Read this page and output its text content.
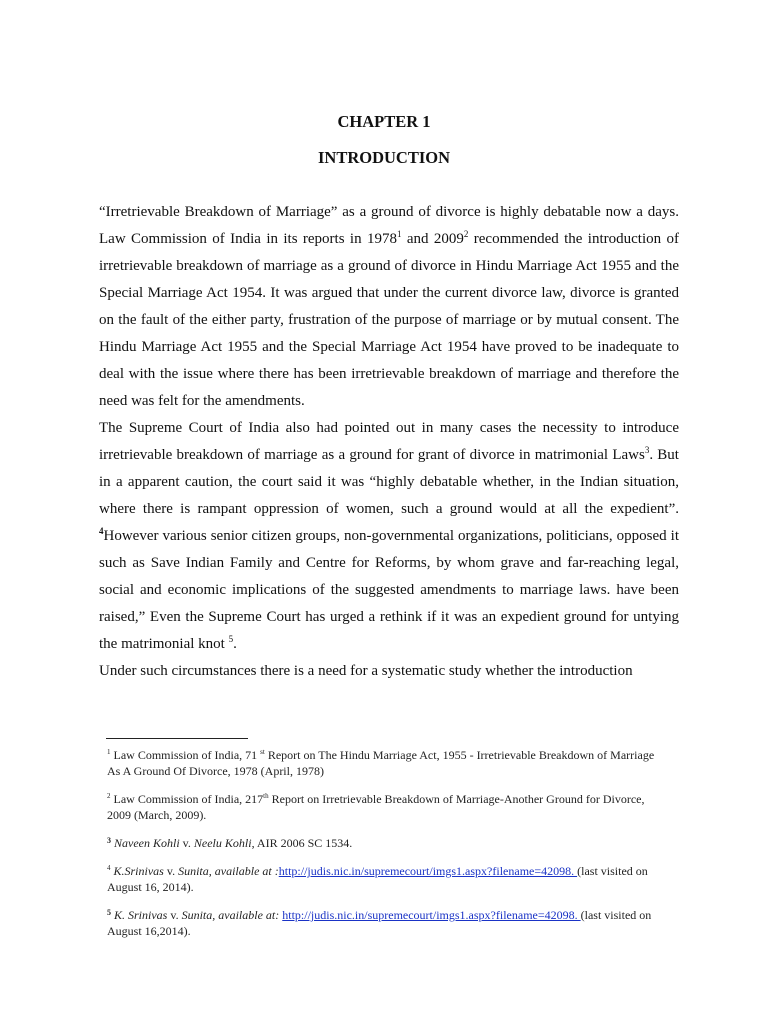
CHAPTER 1
INTRODUCTION

“Irretrievable Breakdown of Marriage” as a ground of divorce is highly debatable now a days. Law Commission of India in its reports in 1978$^1$ and 2009$^2$ recommended the introduction of irretrievable breakdown of marriage as a ground of divorce in Hindu Marriage Act 1955 and the Special Marriage Act 1954. It was argued that under the current divorce law, divorce is granted on the fault of the either party, frustration of the purpose of marriage or by mutual consent. The Hindu Marriage Act 1955 and the Special Marriage Act 1954 have proved to be inadequate to deal with the issue where there has been irretrievable breakdown of marriage and therefore the need was felt for the amendments.

The Supreme Court of India also had pointed out in many cases the necessity to introduce irretrievable breakdown of marriage as a ground for grant of divorce in matrimonial Laws$^3$. But in a apparent caution, the court said it was “highly debatable whether, in the Indian situation, where there is rampant oppression of women, such a ground would at all the expedient”. $^4$However various senior citizen groups, non-governmental organizations, politicians, opposed it such as Save Indian Family and Centre for Reforms, by whom grave and far-reaching legal, social and economic implications of the suggested amendments to marriage laws. have been raised,” Even the Supreme Court has urged a rethink if it was an expedient ground for untying the matrimonial knot $^5$.

Under such circumstances there is a need for a systematic study whether the introduction

$^1$ Law Commission of India, 71 $^{st}$ Report on The Hindu Marriage Act, 1955 - Irretrievable Breakdown of Marriage As A Ground Of Divorce, 1978 (April, 1978)
$^2$ Law Commission of India, 217th Report on Irretrievable Breakdown of Marriage-Another Ground for Divorce, 2009 (March, 2009).
$^3$ Naveen Kohli v. Neelu Kohli, AIR 2006 SC 1534.
$^4$ K.Srinivas v. Sunita, available at :http://judis.nic.in/supremecourt/imgs1.aspx?filename=42098. (last visited on August 16, 2014).
$^5$ K. Srinivas v. Sunita, available at: http://judis.nic.in/supremecourt/imgs1.aspx?filename=42098. (last visited on August 16,2014).
